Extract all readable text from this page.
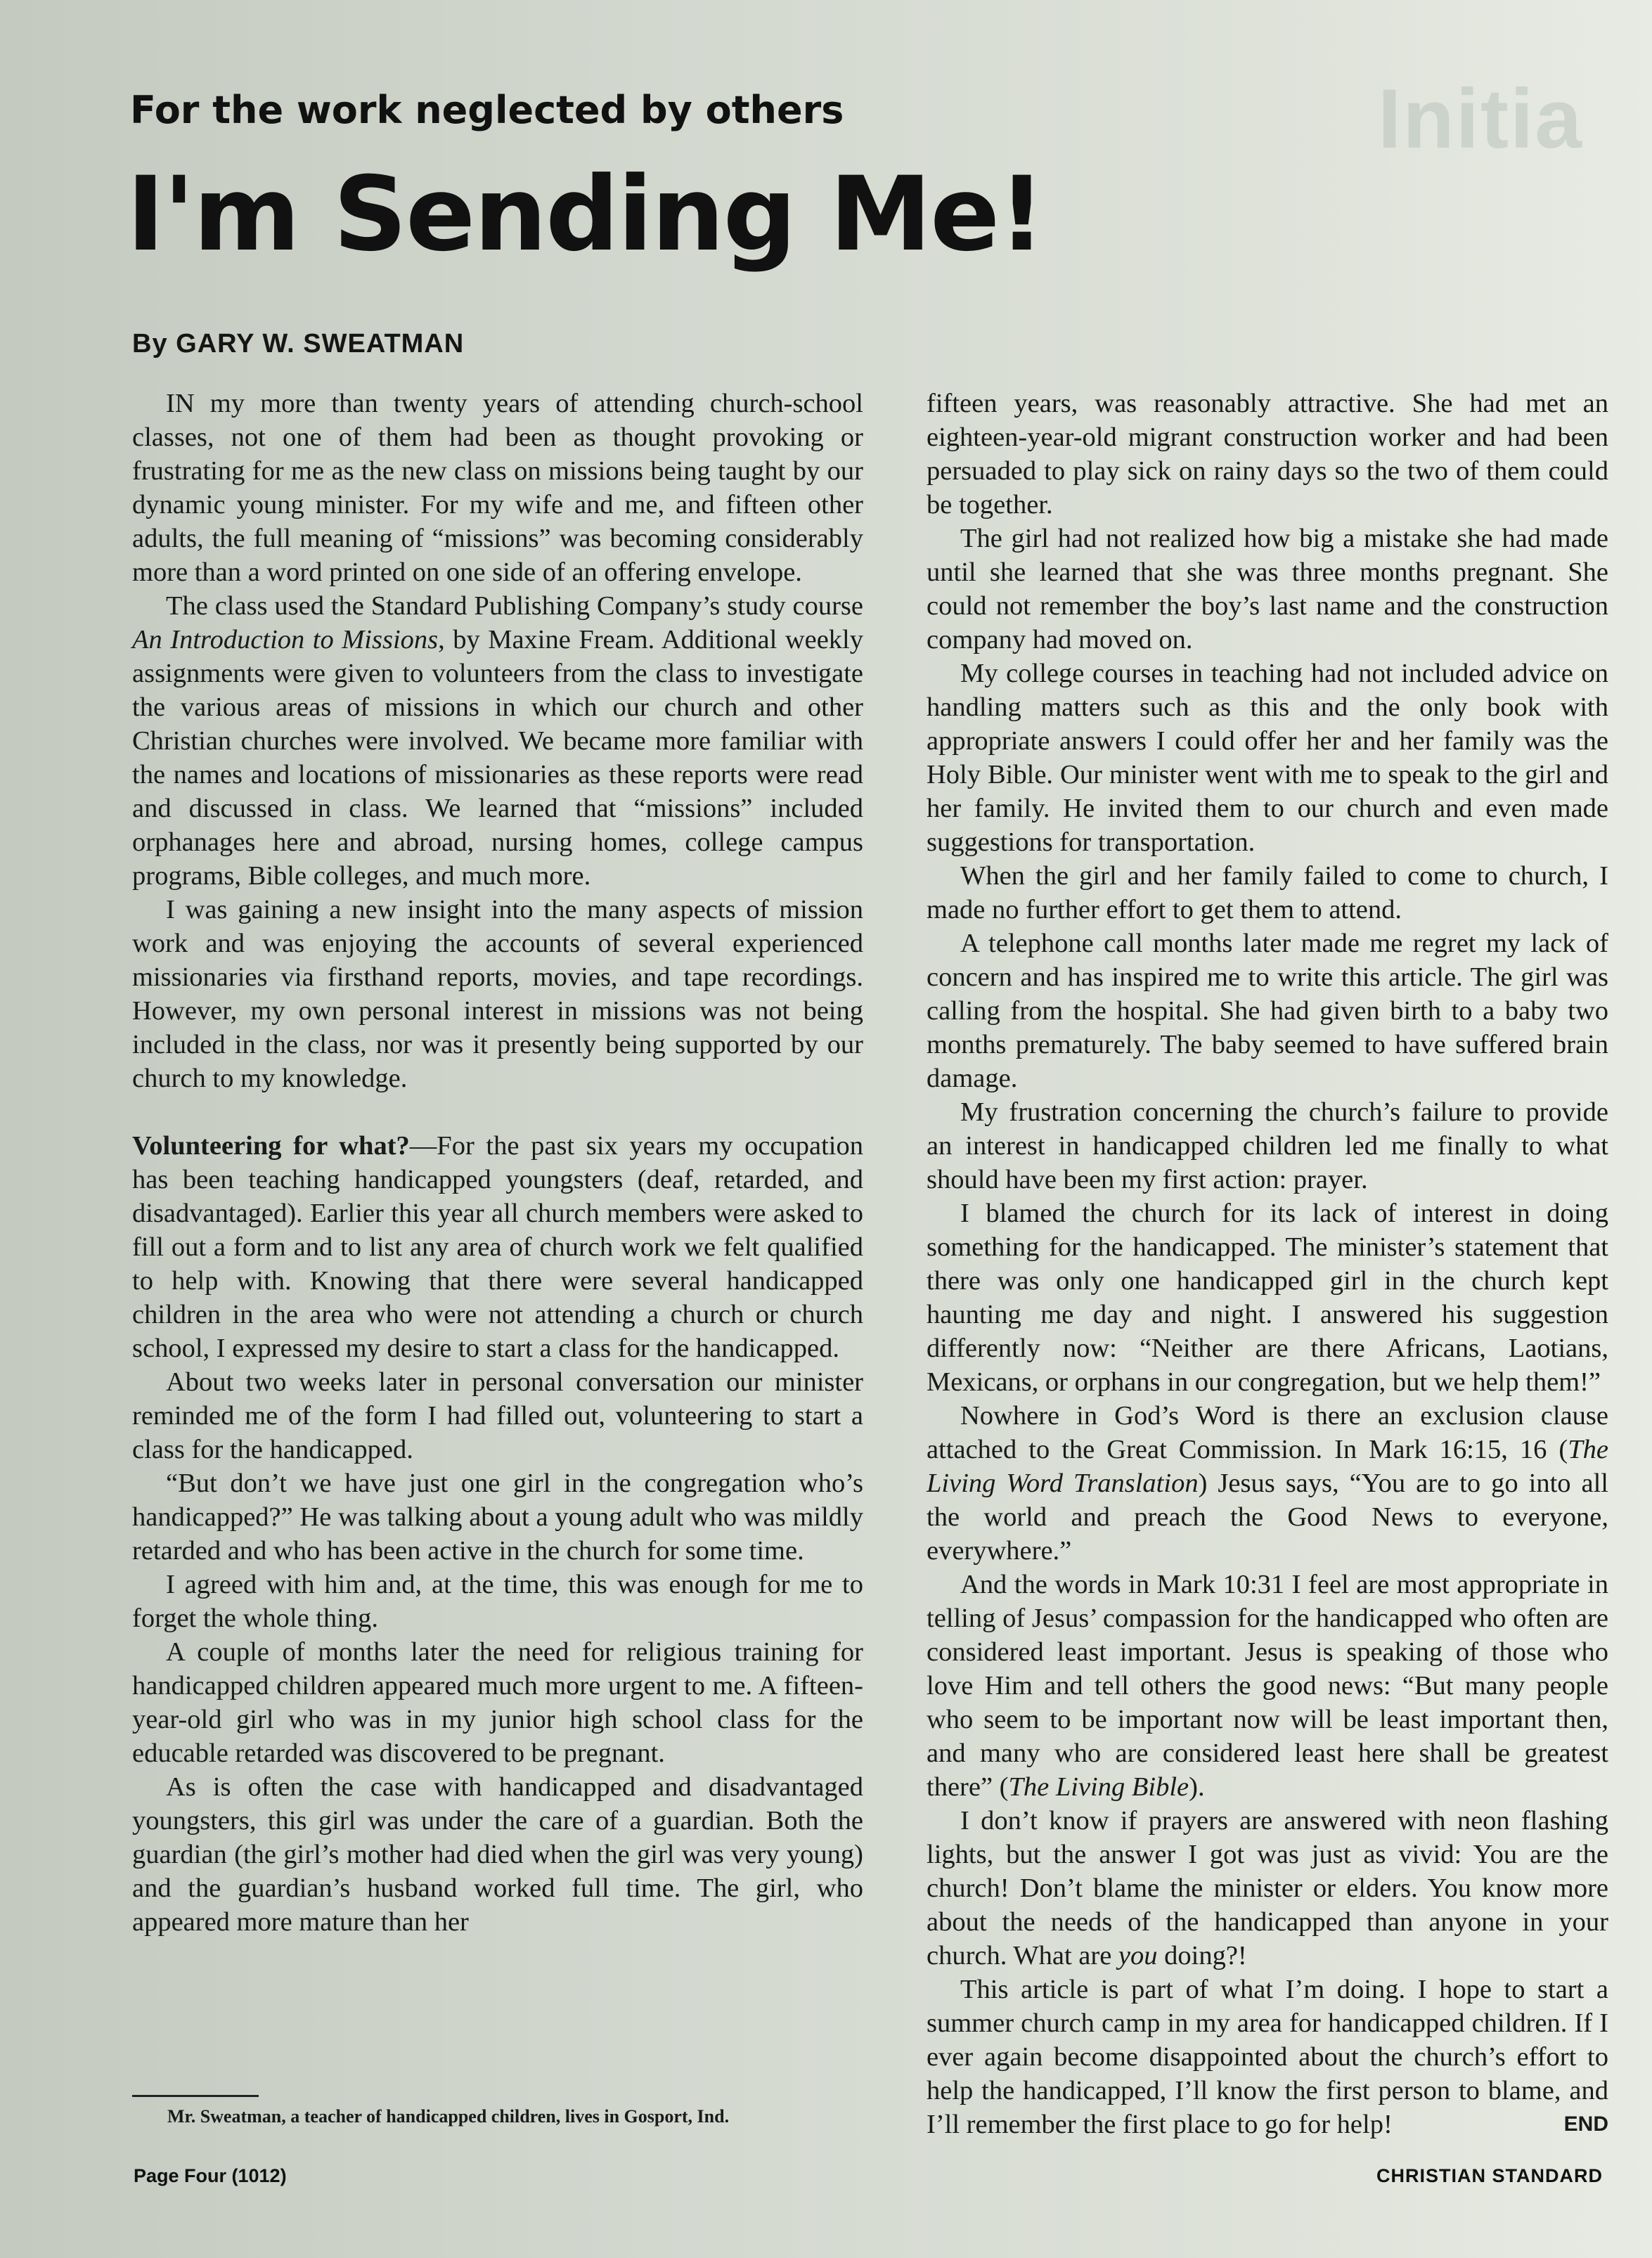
Ini⁠tia
For the work neglected by others
I'm Sending Me!
By GARY W. SWEATMAN

IN my more than twenty years of attending church-school classes, not one of them had been as thought provoking or frustrating for me as the new class on missions being taught by our dynamic young minister. For my wife and me, and fifteen other adults, the full meaning of “missions” was becoming considerably more than a word printed on one side of an offering envelope.

The class used the Standard Publishing Company’s study course An Introduction to Missions, by Maxine Fream. Additional weekly assignments were given to volunteers from the class to investigate the various areas of missions in which our church and other Christian churches were involved. We became more familiar with the names and locations of missionaries as these reports were read and discussed in class. We learned that “missions” included orphanages here and abroad, nursing homes, college campus programs, Bible colleges, and much more.

I was gaining a new insight into the many aspects of mission work and was enjoying the accounts of several experienced missionaries via firsthand reports, movies, and tape recordings. However, my own personal interest in missions was not being included in the class, nor was it presently being supported by our church to my knowledge.

Volunteering for what?—For the past six years my occupation has been teaching handicapped youngsters (deaf, retarded, and disadvantaged). Earlier this year all church members were asked to fill out a form and to list any area of church work we felt qualified to help with. Knowing that there were several handicapped children in the area who were not attending a church or church school, I expressed my desire to start a class for the handicapped.

About two weeks later in personal conversation our minister reminded me of the form I had filled out, volunteering to start a class for the handicapped.

“But don’t we have just one girl in the congregation who’s handicapped?” He was talking about a young adult who was mildly retarded and who has been active in the church for some time.

I agreed with him and, at the time, this was enough for me to forget the whole thing.

A couple of months later the need for religious training for handicapped children appeared much more urgent to me. A fifteen-year-old girl who was in my junior high school class for the educable retarded was discovered to be pregnant.

As is often the case with handicapped and disadvantaged youngsters, this girl was under the care of a guardian. Both the guardian (the girl’s mother had died when the girl was very young) and the guardian’s husband worked full time. The girl, who appeared more mature than her

fifteen years, was reasonably attractive. She had met an eighteen-year-old migrant construction worker and had been persuaded to play sick on rainy days so the two of them could be together.

The girl had not realized how big a mistake she had made until she learned that she was three months pregnant. She could not remember the boy’s last name and the construction company had moved on.

My college courses in teaching had not included advice on handling matters such as this and the only book with appropriate answers I could offer her and her family was the Holy Bible. Our minister went with me to speak to the girl and her family. He invited them to our church and even made suggestions for transportation.

When the girl and her family failed to come to church, I made no further effort to get them to attend.

A telephone call months later made me regret my lack of concern and has inspired me to write this article. The girl was calling from the hospital. She had given birth to a baby two months prematurely. The baby seemed to have suffered brain damage.

My frustration concerning the church’s failure to provide an interest in handicapped children led me finally to what should have been my first action: prayer.

I blamed the church for its lack of interest in doing something for the handicapped. The minister’s statement that there was only one handicapped girl in the church kept haunting me day and night. I answered his suggestion differently now: “Neither are there Africans, Laotians, Mexicans, or orphans in our congregation, but we help them!”

Nowhere in God’s Word is there an exclusion clause attached to the Great Commission. In Mark 16:15, 16 (The Living Word Translation) Jesus says, “You are to go into all the world and preach the Good News to everyone, everywhere.”

And the words in Mark 10:31 I feel are most appropriate in telling of Jesus’ compassion for the handicapped who often are considered least important. Jesus is speaking of those who love Him and tell others the good news: “But many people who seem to be important now will be least important then, and many who are considered least here shall be greatest there” (The Living Bible).

I don’t know if prayers are answered with neon flashing lights, but the answer I got was just as vivid: You are the church! Don’t blame the minister or elders. You know more about the needs of the handicapped than anyone in your church. What are you doing?!

This article is part of what I’m doing. I hope to start a summer church camp in my area for handicapped children. If I ever again become disappointed about the church’s effort to help the handicapped, I’ll know the first person to blame, and I’ll remember the first place to go for help!	END

Mr. Sweatman, a teacher of handicapped children, lives in Gosport, Ind.
Page Four (1012)	CHRISTIAN STANDARD
